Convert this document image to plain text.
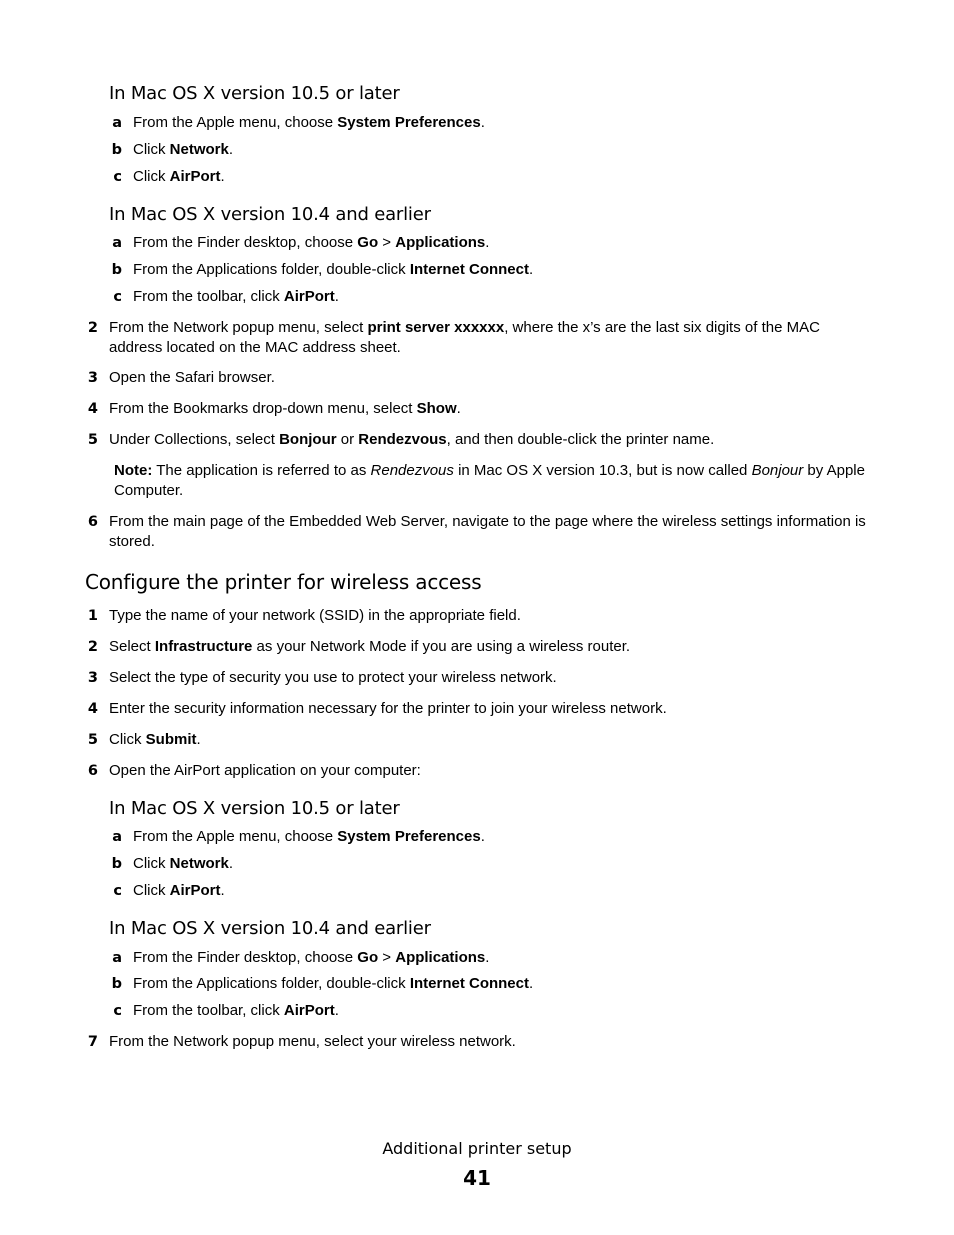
In Mac OS X version 10.5 or later
a From the Apple menu, choose System Preferences.
b Click Network.
c Click AirPort.
In Mac OS X version 10.4 and earlier
a From the Finder desktop, choose Go > Applications.
b From the Applications folder, double-click Internet Connect.
c From the toolbar, click AirPort.
2 From the Network popup menu, select print server xxxxxx, where the x’s are the last six digits of the MAC address located on the MAC address sheet.
3 Open the Safari browser.
4 From the Bookmarks drop-down menu, select Show.
5 Under Collections, select Bonjour or Rendezvous, and then double-click the printer name.
Note: The application is referred to as Rendezvous in Mac OS X version 10.3, but is now called Bonjour by Apple Computer.
6 From the main page of the Embedded Web Server, navigate to the page where the wireless settings information is stored.
Configure the printer for wireless access
1 Type the name of your network (SSID) in the appropriate field.
2 Select Infrastructure as your Network Mode if you are using a wireless router.
3 Select the type of security you use to protect your wireless network.
4 Enter the security information necessary for the printer to join your wireless network.
5 Click Submit.
6 Open the AirPort application on your computer:
In Mac OS X version 10.5 or later
a From the Apple menu, choose System Preferences.
b Click Network.
c Click AirPort.
In Mac OS X version 10.4 and earlier
a From the Finder desktop, choose Go > Applications.
b From the Applications folder, double-click Internet Connect.
c From the toolbar, click AirPort.
7 From the Network popup menu, select your wireless network.
Additional printer setup
41
